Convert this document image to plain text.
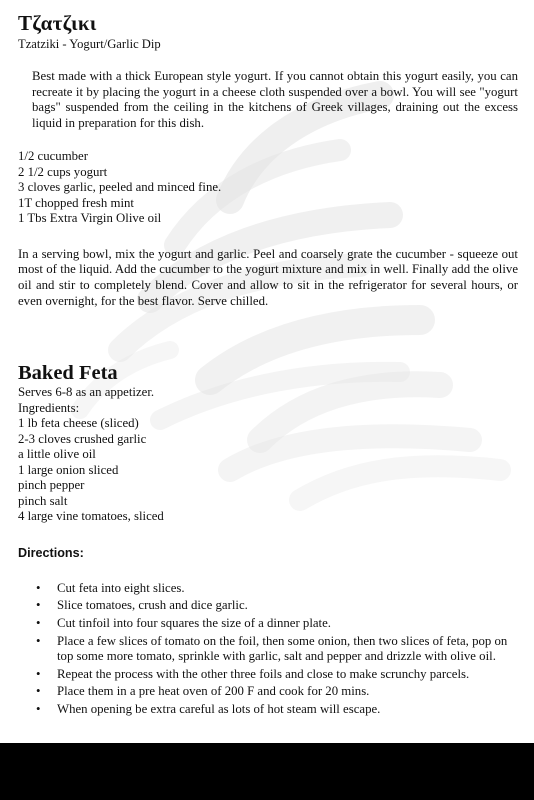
Τζατζικι

Tzatziki - Yogurt/Garlic Dip

Best made with a thick European style yogurt. If you cannot obtain this yogurt easily, you can recreate it by placing the yogurt in a cheese cloth suspended over a bowl. You will see "yogurt bags" suspended from the ceiling in the kitchens of Greek villages, draining out the excess liquid in preparation for this dish.

1/2 cucumber
2 1/2 cups yogurt
3 cloves garlic, peeled and minced fine.
1T chopped fresh mint
1 Tbs Extra Virgin Olive oil

In a serving bowl, mix the yogurt and garlic. Peel and coarsely grate the cucumber - squeeze out most of the liquid. Add the cucumber to the yogurt mixture and mix in well. Finally add the olive oil and stir to completely blend. Cover and allow to sit in the refrigerator for several hours, or even overnight, for the best flavor. Serve chilled.

Baked Feta

Serves 6-8 as an appetizer.

Ingredients:

1 lb feta cheese (sliced)
2-3 cloves crushed garlic
a little olive oil
1 large onion sliced
pinch pepper
pinch salt
4 large vine tomatoes, sliced

Directions:

• Cut feta into eight slices.
• Slice tomatoes, crush and dice garlic.
• Cut tinfoil into four squares the size of a dinner plate.
• Place a few slices of tomato on the foil, then some onion, then two slices of feta, pop on top some more tomato, sprinkle with garlic, salt and pepper and drizzle with olive oil.
• Repeat the process with the other three foils and close to make scrunchy parcels.
• Place them in a pre heat oven of 200 F and cook for 20 mins.
• When opening be extra careful as lots of hot steam will escape.
